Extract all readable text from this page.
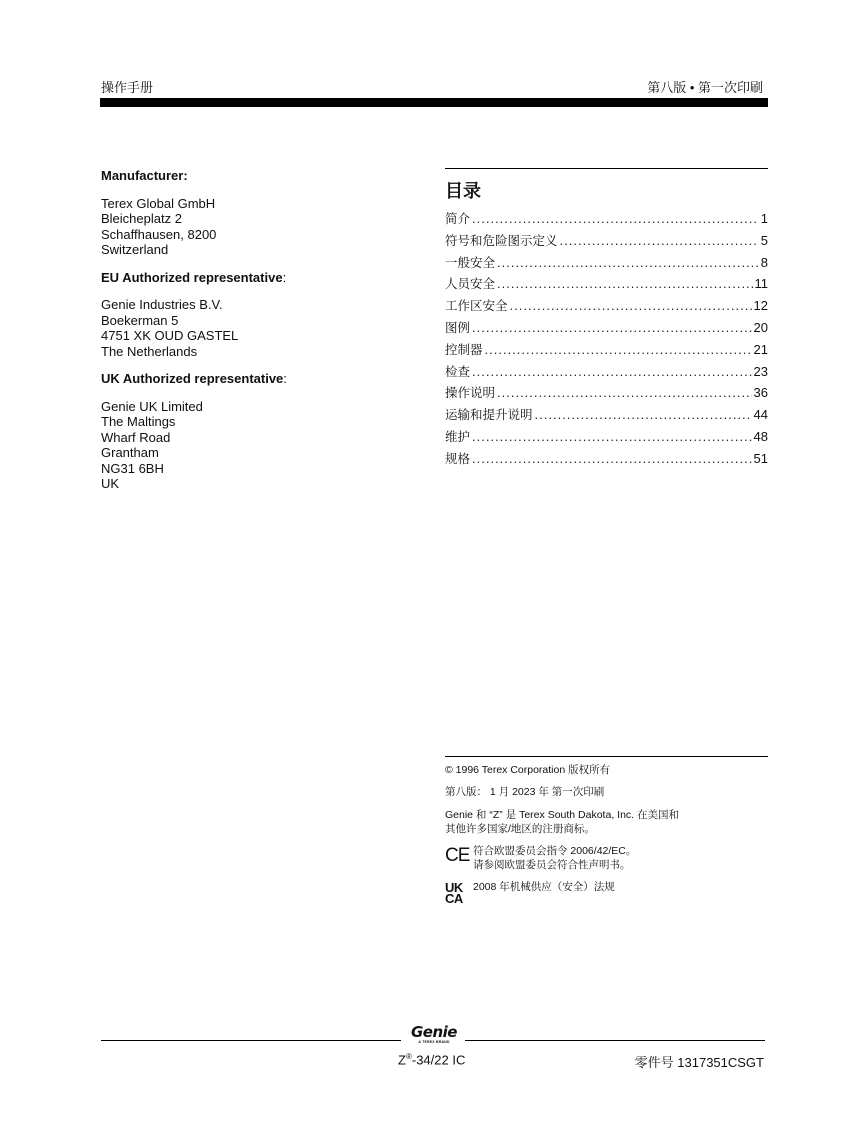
操作手册	第八版 • 第一次印刷
Manufacturer:
Terex Global GmbH
Bleicheplatz 2
Schaffhausen, 8200
Switzerland
EU Authorized representative:
Genie Industries B.V.
Boekerman 5
4751 XK OUD GASTEL
The Netherlands
UK Authorized representative:
Genie UK Limited
The Maltings
Wharf Road
Grantham
NG31 6BH
UK
目录
简介 .....	1
符号和危险图示定义 .....	5
一般安全 .....	8
人员安全 .....	11
工作区安全 .....	12
图例 .....	20
控制器 .....	21
检查 .....	23
操作说明 .....	36
运输和提升说明 .....	44
维护 .....	48
规格 .....	51

© 1996 Terex Corporation 版权所有

第八版： 1 月 2023 年 第一次印刷

Genie 和 “Z” 是 Terex South Dakota, Inc. 在美国和
其他许多国家/地区的注册商标。

CE 符合欧盟委员会指令 2006/42/EC。
请参阅欧盟委员会符合性声明书。
UK
CA
2008 年机械供应（安全）法规
Genie
A TEREX BRAND
Z®-34/22 IC	零件号 1317351CSGT
